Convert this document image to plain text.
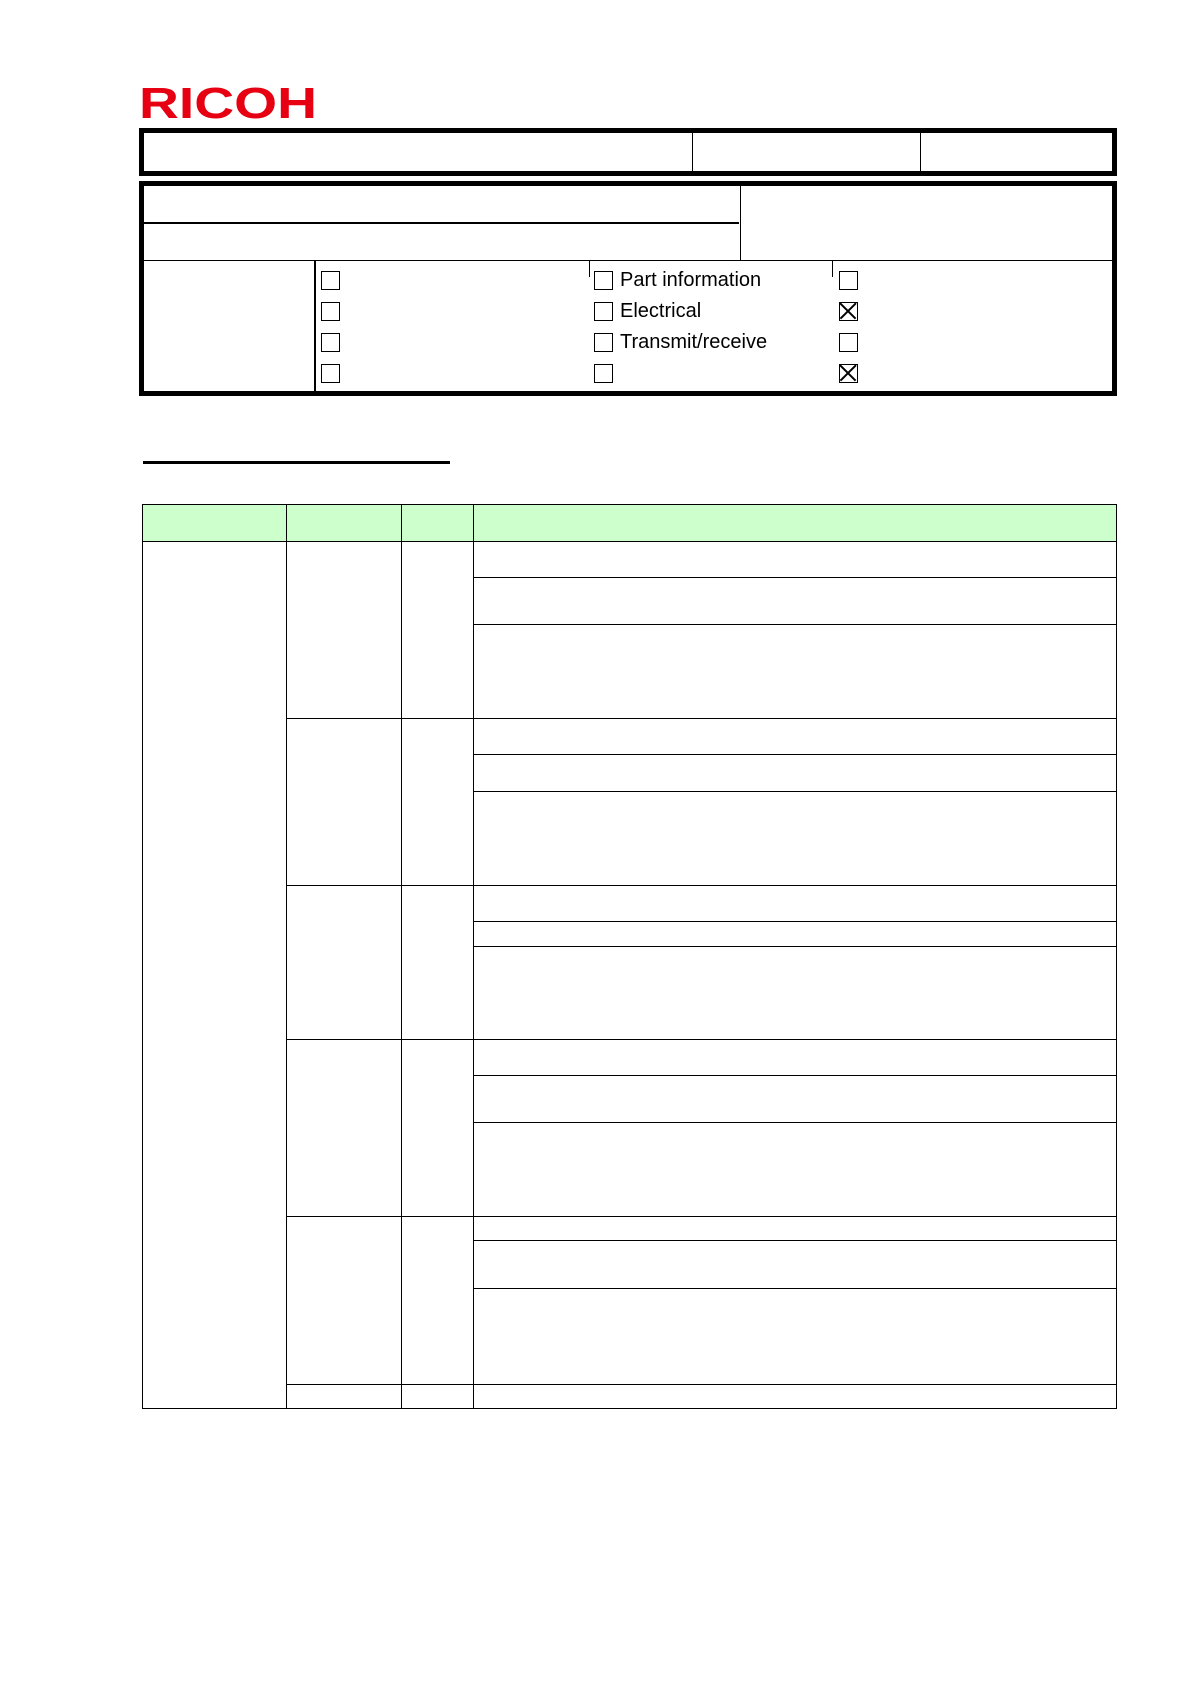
RICOH
Part information
Electrical
Transmit/receive
